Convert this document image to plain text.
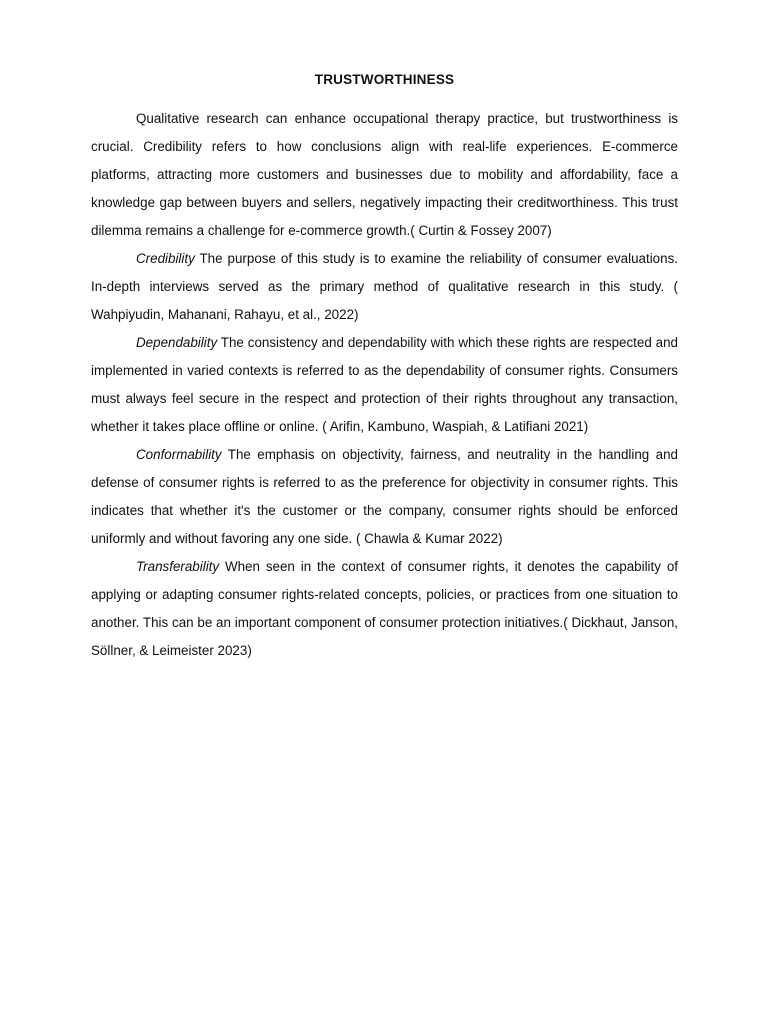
TRUSTWORTHINESS

Qualitative research can enhance occupational therapy practice, but trustworthiness is crucial. Credibility refers to how conclusions align with real-life experiences. E-commerce platforms, attracting more customers and businesses due to mobility and affordability, face a knowledge gap between buyers and sellers, negatively impacting their creditworthiness. This trust dilemma remains a challenge for e-commerce growth.( Curtin & Fossey 2007)

Credibility The purpose of this study is to examine the reliability of consumer evaluations. In-depth interviews served as the primary method of qualitative research in this study. ( Wahpiyudin, Mahanani, Rahayu, et al., 2022)

Dependability The consistency and dependability with which these rights are respected and implemented in varied contexts is referred to as the dependability of consumer rights. Consumers must always feel secure in the respect and protection of their rights throughout any transaction, whether it takes place offline or online. ( Arifin, Kambuno, Waspiah, & Latifiani 2021)

Conformability The emphasis on objectivity, fairness, and neutrality in the handling and defense of consumer rights is referred to as the preference for objectivity in consumer rights. This indicates that whether it's the customer or the company, consumer rights should be enforced uniformly and without favoring any one side. ( Chawla & Kumar 2022)

Transferability When seen in the context of consumer rights, it denotes the capability of applying or adapting consumer rights-related concepts, policies, or practices from one situation to another. This can be an important component of consumer protection initiatives.( Dickhaut, Janson, Söllner, & Leimeister 2023)
